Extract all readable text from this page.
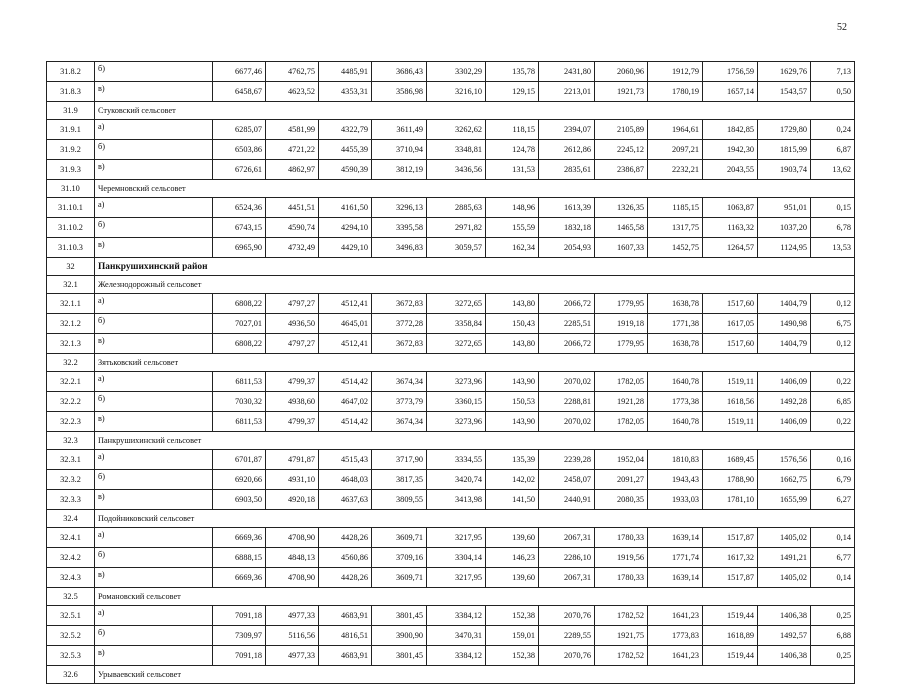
52
31.8.2	б)	6677,46	4762,75	4485,91	3686,43	3302,29	135,78	2431,80	2060,96	1912,79	1756,59	1629,76	7,13
31.8.3	в)	6458,67	4623,52	4353,31	3586,98	3216,10	129,15	2213,01	1921,73	1780,19	1657,14	1543,57	0,50
31.9	Стуковский сельсовет												
31.9.1	а)	6285,07	4581,99	4322,79	3611,49	3262,62	118,15	2394,07	2105,89	1964,61	1842,85	1729,80	0,24
31.9.2	б)	6503,86	4721,22	4455,39	3710,94	3348,81	124,78	2612,86	2245,12	2097,21	1942,30	1815,99	6,87
31.9.3	в)	6726,61	4862,97	4590,39	3812,19	3436,56	131,53	2835,61	2386,87	2232,21	2043,55	1903,74	13,62
31.10	Черемновский сельсовет												
31.10.1	а)	6524,36	4451,51	4161,50	3296,13	2885,63	148,96	1613,39	1326,35	1185,15	1063,87	951,01	0,15
31.10.2	б)	6743,15	4590,74	4294,10	3395,58	2971,82	155,59	1832,18	1465,58	1317,75	1163,32	1037,20	6,78
31.10.3	в)	6965,90	4732,49	4429,10	3496,83	3059,57	162,34	2054,93	1607,33	1452,75	1264,57	1124,95	13,53
32	Панкрушихинский район												
32.1	Железнодорожный сельсовет												
32.1.1	а)	6808,22	4797,27	4512,41	3672,83	3272,65	143,80	2066,72	1779,95	1638,78	1517,60	1404,79	0,12
32.1.2	б)	7027,01	4936,50	4645,01	3772,28	3358,84	150,43	2285,51	1919,18	1771,38	1617,05	1490,98	6,75
32.1.3	в)	6808,22	4797,27	4512,41	3672,83	3272,65	143,80	2066,72	1779,95	1638,78	1517,60	1404,79	0,12
32.2	Зятьковский сельсовет												
32.2.1	а)	6811,53	4799,37	4514,42	3674,34	3273,96	143,90	2070,02	1782,05	1640,78	1519,11	1406,09	0,22
32.2.2	б)	7030,32	4938,60	4647,02	3773,79	3360,15	150,53	2288,81	1921,28	1773,38	1618,56	1492,28	6,85
32.2.3	в)	6811,53	4799,37	4514,42	3674,34	3273,96	143,90	2070,02	1782,05	1640,78	1519,11	1406,09	0,22
32.3	Панкрушихинский сельсовет												
32.3.1	а)	6701,87	4791,87	4515,43	3717,90	3334,55	135,39	2239,28	1952,04	1810,83	1689,45	1576,56	0,16
32.3.2	б)	6920,66	4931,10	4648,03	3817,35	3420,74	142,02	2458,07	2091,27	1943,43	1788,90	1662,75	6,79
32.3.3	в)	6903,50	4920,18	4637,63	3809,55	3413,98	141,50	2440,91	2080,35	1933,03	1781,10	1655,99	6,27
32.4	Подойниковский сельсовет												
32.4.1	а)	6669,36	4708,90	4428,26	3609,71	3217,95	139,60	2067,31	1780,33	1639,14	1517,87	1405,02	0,14
32.4.2	б)	6888,15	4848,13	4560,86	3709,16	3304,14	146,23	2286,10	1919,56	1771,74	1617,32	1491,21	6,77
32.4.3	в)	6669,36	4708,90	4428,26	3609,71	3217,95	139,60	2067,31	1780,33	1639,14	1517,87	1405,02	0,14
32.5	Романовский сельсовет												
32.5.1	а)	7091,18	4977,33	4683,91	3801,45	3384,12	152,38	2070,76	1782,52	1641,23	1519,44	1406,38	0,25
32.5.2	б)	7309,97	5116,56	4816,51	3900,90	3470,31	159,01	2289,55	1921,75	1773,83	1618,89	1492,57	6,88
32.5.3	в)	7091,18	4977,33	4683,91	3801,45	3384,12	152,38	2070,76	1782,52	1641,23	1519,44	1406,38	0,25
32.6	Урываевский сельсовет												
